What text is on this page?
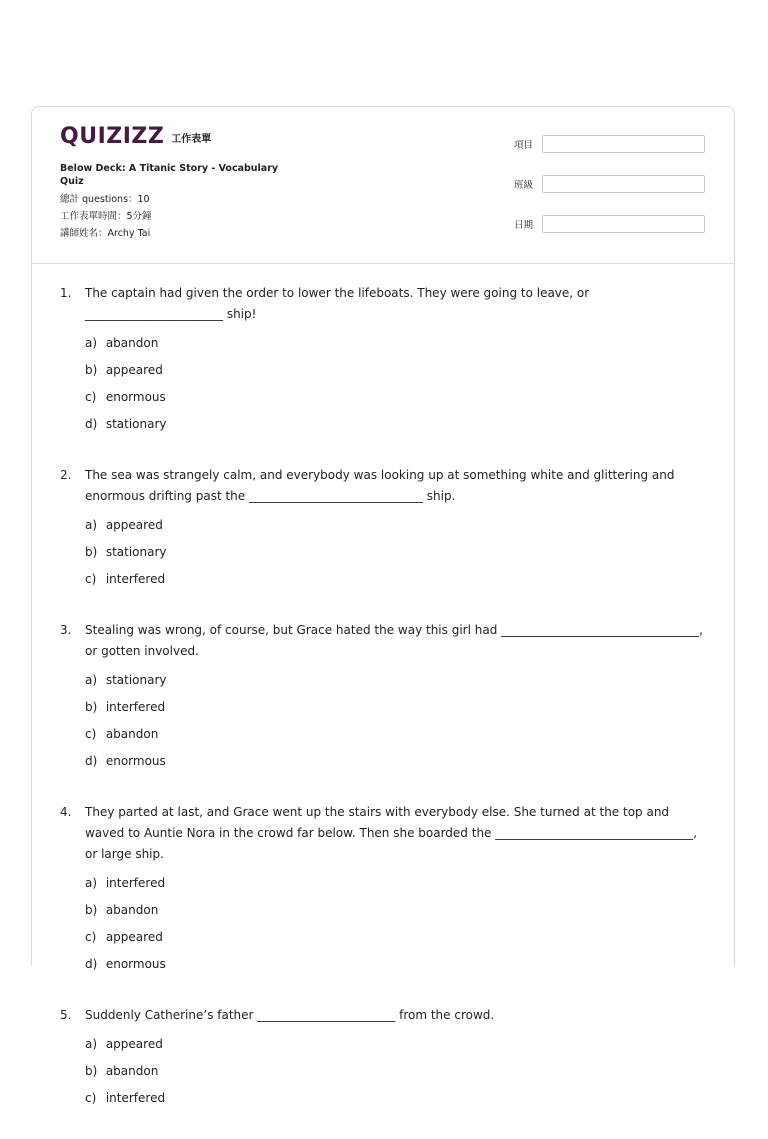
QUIZIZZ 工作表單
Below Deck: A Titanic Story - Vocabulary Quiz
總計 questions：10
工作表單時間：5分鐘
講師姓名：Archy Tai
項目
班級
日期
1.	The captain had given the order to lower the lifeboats. They were going to leave, or _______________________ ship!
a) abandon
b) appeared
c) enormous
d) stationary
2.	The sea was strangely calm, and everybody was looking up at something white and glittering and enormous drifting past the _____________________________ ship.
a) appeared
b) stationary
c) interfered
3.	Stealing was wrong, of course, but Grace hated the way this girl had _________________________________, or gotten involved.
a) stationary
b) interfered
c) abandon
d) enormous
4.	They parted at last, and Grace went up the stairs with everybody else. She turned at the top and waved to Auntie Nora in the crowd far below. Then she boarded the _________________________________, or large ship.
a) interfered
b) abandon
c) appeared
d) enormous
5.	Suddenly Catherine’s father _______________________ from the crowd.
a) appeared
b) abandon
c) interfered
